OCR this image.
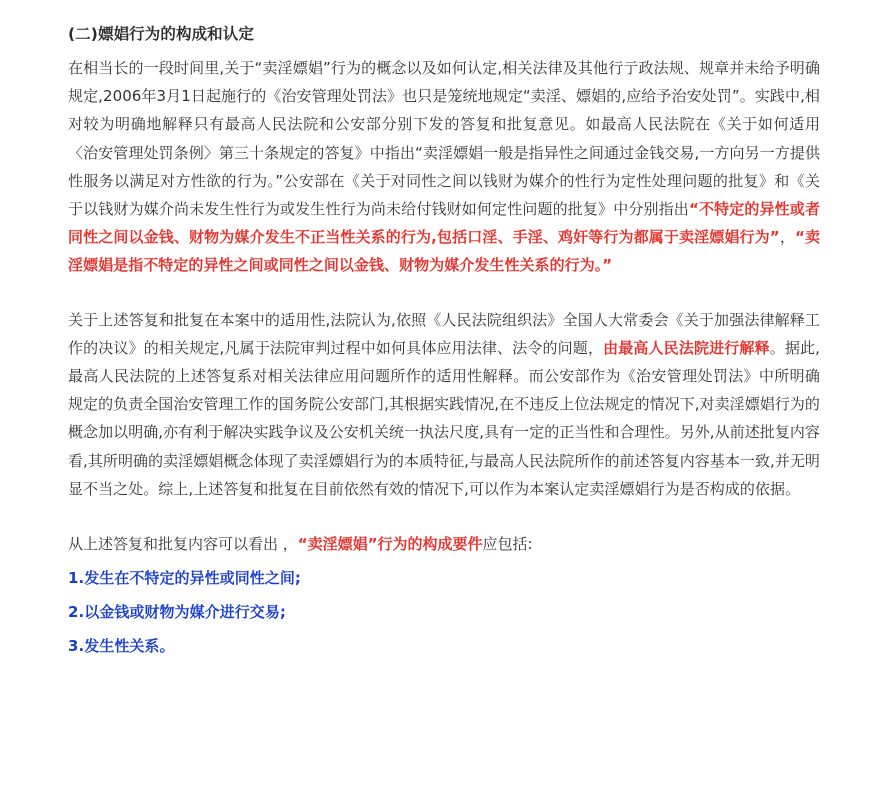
(二)嫖娼行为的构成和认定

在相当长的一段时间里,关于“卖淫嫖娼”行为的概念以及如何认定,相关法律及其他行亍政法规、规章并未给予明确规定,2006年3月1日起施行的《治安管理处罚法》也只是笼统地规定“卖淫、嫖娼的,应给予治安处罚”。实践中,相对较为明确地解释只有最高人民法院和公安部分别下发的答复和批复意见。如最高人民法院在《关于如何适用〈治安管理处罚条例〉第三十条规定的答复》中指出“卖淫嫖娼一般是指异性之间通过金钱交易,一方向另一方提供性服务以满足对方性欲的行为。”公安部在《关于对同性之间以钱财为媒介的性行为定性处理问题的批复》和《关于以钱财为媒介尚未发生性行为或发生性行为尚未给付钱财如何定性问题的批复》中分别指出“不特定的异性或者同性之间以金钱、财物为媒介发生不正当性关系的行为,包括口淫、手淫、鸡奸等行为都属于卖淫嫖娼行为”，“卖淫嫖娼是指不特定的异性之间或同性之间以金钱、财物为媒介发生性关系的行为。”

关于上述答复和批复在本案中的适用性,法院认为,依照《人民法院组织法》全国人大常委会《关于加强法律解释工作的决议》的相关规定,凡属于法院审判过程中如何具体应用法律、法令的问题，由最高人民法院进行解释。据此,最高人民法院的上述答复系对相关法律应用问题所作的适用性解释。而公安部作为《治安管理处罚法》中所明确规定的负责全国治安管理工作的国务院公安部门,其根据实践情况,在不违反上位法规定的情况下,对卖淫嫖娼行为的概念加以明确,亦有利于解决实践争议及公安机关统一执法尺度,具有一定的正当性和合理性。另外,从前述批复内容看,其所明确的卖淫嫖娼概念体现了卖淫嫖娼行为的本质特征,与最高人民法院所作的前述答复内容基本一致,并无明显不当之处。综上,上述答复和批复在目前依然有效的情况下,可以作为本案认定卖淫嫖娼行为是否构成的依据。

从上述答复和批复内容可以看出 ，“卖淫嫖娼”行为的构成要件应包括:

1.发生在不特定的异性或同性之间;

2.以金钱或财物为媒介进行交易;

3.发生性关系。
